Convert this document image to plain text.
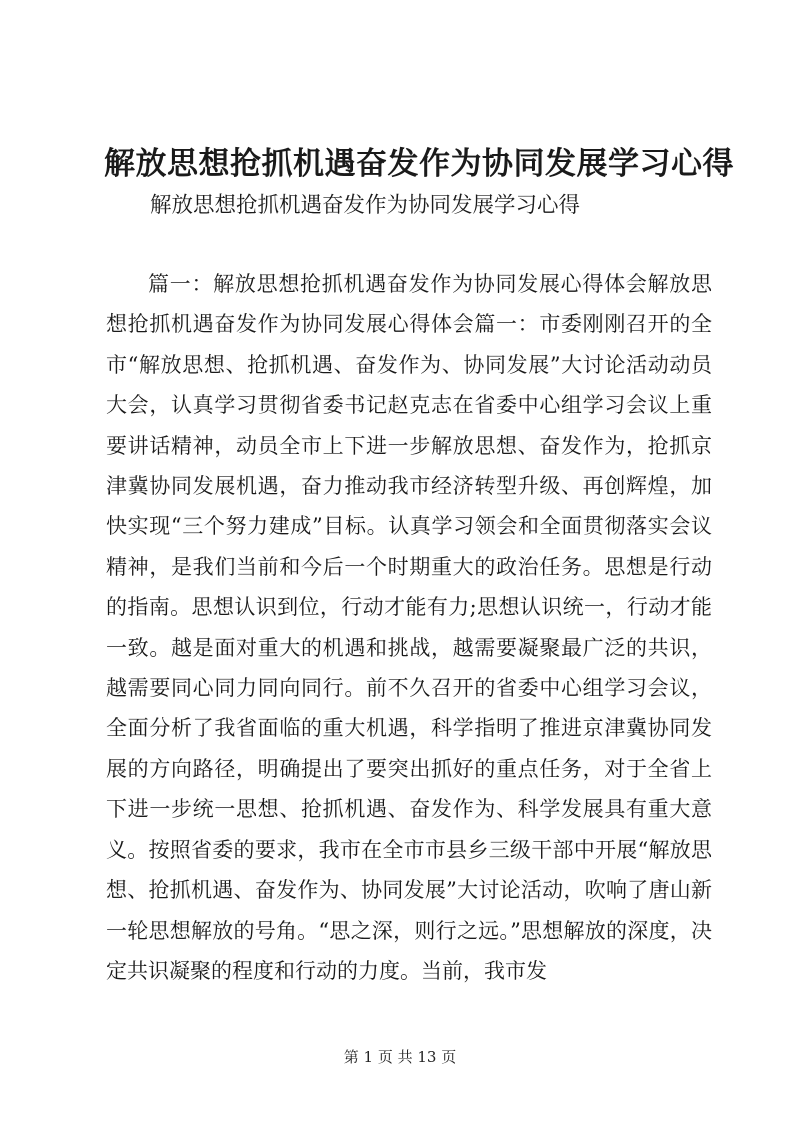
解放思想抢抓机遇奋发作为协同发展学习心得

解放思想抢抓机遇奋发作为协同发展学习心得

篇一：解放思想抢抓机遇奋发作为协同发展心得体会解放思想抢抓机遇奋发作为协同发展心得体会篇一：市委刚刚召开的全市“解放思想、抢抓机遇、奋发作为、协同发展”大讨论活动动员大会，认真学习贯彻省委书记赵克志在省委中心组学习会议上重要讲话精神，动员全市上下进一步解放思想、奋发作为，抢抓京津冀协同发展机遇，奋力推动我市经济转型升级、再创辉煌，加快实现“三个努力建成”目标。认真学习领会和全面贯彻落实会议精神，是我们当前和今后一个时期重大的政治任务。思想是行动的指南。思想认识到位，行动才能有力;思想认识统一，行动才能一致。越是面对重大的机遇和挑战，越需要凝聚最广泛的共识，越需要同心同力同向同行。前不久召开的省委中心组学习会议，全面分析了我省面临的重大机遇，科学指明了推进京津冀协同发展的方向路径，明确提出了要突出抓好的重点任务，对于全省上下进一步统一思想、抢抓机遇、奋发作为、科学发展具有重大意义。按照省委的要求，我市在全市市县乡三级干部中开展“解放思想、抢抓机遇、奋发作为、协同发展”大讨论活动，吹响了唐山新一轮思想解放的号角。“思之深，则行之远。”思想解放的深度，决定共识凝聚的程度和行动的力度。当前，我市发

第 1 页 共 13 页
